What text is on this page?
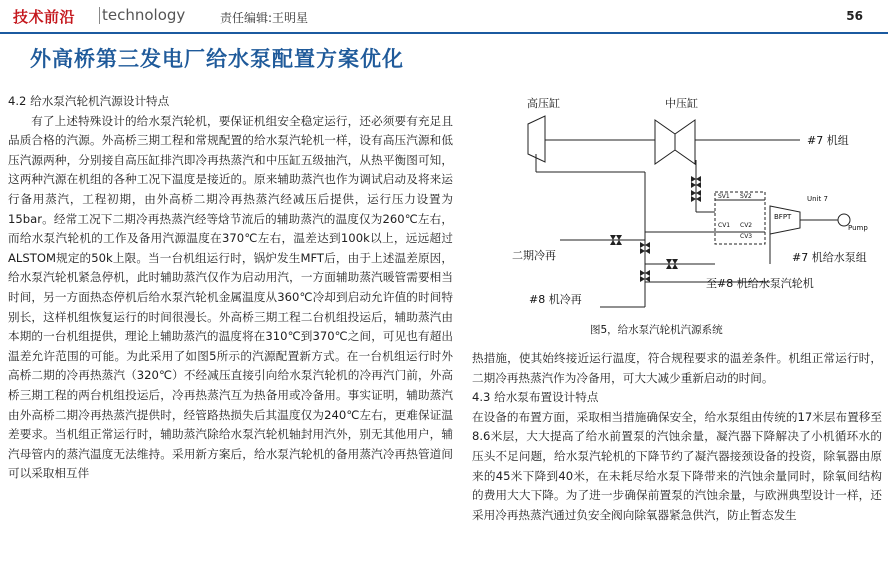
技术前沿 technology	责任编辑:王明星	56
外高桥第三发电厂给水泵配置方案优化

4.2 给水泵汽轮机汽源设计特点

有了上述特殊设计的给水泵汽轮机，要保证机组安全稳定运行，还必须要有充足且品质合格的汽源。外高桥三期工程和常规配置的给水泵汽轮机一样，设有高压汽源和低压汽源两种，分别接自高压缸排汽即冷再热蒸汽和中压缸五级抽汽，从热平衡图可知，这两种汽源在机组的各种工况下温度是接近的。原来辅助蒸汽也作为调试启动及将来运行备用蒸汽，工程初期，由外高桥二期冷再热蒸汽经减压后提供，运行压力设置为15bar。经常工况下二期冷再热蒸汽经等焓节流后的辅助蒸汽的温度仅为260℃左右，而给水泵汽轮机的工作及备用汽源温度在370℃左右，温差达到100k以上，远远超过ALSTOM规定的50k上限。当一台机组运行时，锅炉发生MFT后，由于上述温差原因，给水泵汽轮机紧急停机，此时辅助蒸汽仅作为启动用汽，一方面辅助蒸汽暖管需要相当时间，另一方面热态停机后给水泵汽轮机金属温度从360℃冷却到启动允许值的时间特别长，这样机组恢复运行的时间很漫长。外高桥三期工程二台机组投运后，辅助蒸汽由本期的一台机组提供，理论上辅助蒸汽的温度将在310℃到370℃之间，可见也有超出温差允许范围的可能。为此采用了如图5所示的汽源配置新方式。在一台机组运行时外高桥二期的冷再热蒸汽（320℃）不经减压直接引向给水泵汽轮机的冷再汽门前，外高桥三期工程的两台机组投运后，冷再热蒸汽互为热备用或冷备用。事实证明，辅助蒸汽由外高桥二期冷再热蒸汽提供时，经管路热损失后其温度仅为240℃左右，更难保证温差要求。当机组正常运行时，辅助蒸汽除给水泵汽轮机轴封用汽外，别无其他用户，辅汽母管内的蒸汽温度无法维持。采用新方案后，给水泵汽轮机的备用蒸汽冷再热管道间可以采取相互伴

高压缸	中压缸
#7 机组
Unit 7
Pump
BFPT
SV1 SV2
CV1 CV2
CV3
二期冷再	#7 机给水泵组
至#8 机给水泵汽轮机
#8 机冷再
图5，给水泵汽轮机汽源系统

热措施，使其始终接近运行温度，符合规程要求的温差条件。机组正常运行时，二期冷再热蒸汽作为冷备用，可大大减少重新启动的时间。

4.3 给水泵布置设计特点

在设备的布置方面，采取相当措施确保安全，给水泵组由传统的17米层布置移至8.6米层，大大提高了给水前置泵的汽蚀余量，凝汽器下降解决了小机循环水的压头不足问题，给水泵汽轮机的下降节约了凝汽器接颈设备的投资，除氧器由原来的45米下降到40米，在未耗尽给水泵下降带来的汽蚀余量同时，除氧间结构的费用大大下降。为了进一步确保前置泵的汽蚀余量，与欧洲典型设计一样，还采用冷再热蒸汽通过负安全阀向除氧器紧急供汽，防止暂态发生
